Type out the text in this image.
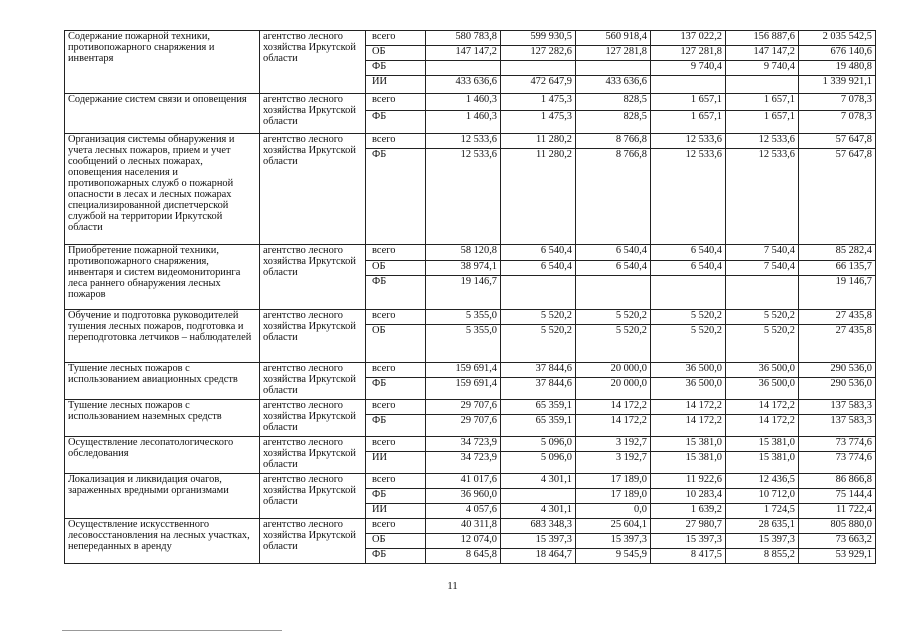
Содержание пожарной техники, противопожарного снаряжения и инвентаря	агентство лесного хозяйства Иркутской области	всего	580 783,8	599 930,5	560 918,4	137 022,2	156 887,6	2 035 542,5
		ОБ	147 147,2	127 282,6	127 281,8	127 281,8	147 147,2	676 140,6
		ФБ				9 740,4	9 740,4	19 480,8
		ИИ	433 636,6	472 647,9	433 636,6			1 339 921,1
Содержание систем связи и оповещения	агентство лесного хозяйства Иркутской области	всего	1 460,3	1 475,3	828,5	1 657,1	1 657,1	7 078,3
		ФБ	1 460,3	1 475,3	828,5	1 657,1	1 657,1	7 078,3
Организация системы обнаружения и учета лесных пожаров, прием и учет сообщений о лесных пожарах, оповещения населения и противопожарных служб о пожарной опасности в лесах и лесных пожарах специализированной диспетчерской службой на территории Иркутской области	агентство лесного хозяйства Иркутской области	всего	12 533,6	11 280,2	8 766,8	12 533,6	12 533,6	57 647,8
		ФБ	12 533,6	11 280,2	8 766,8	12 533,6	12 533,6	57 647,8
Приобретение пожарной техники, противопожарного снаряжения, инвентаря и систем видеомониторинга леса раннего обнаружения лесных пожаров	агентство лесного хозяйства Иркутской области	всего	58 120,8	6 540,4	6 540,4	6 540,4	7 540,4	85 282,4
		ОБ	38 974,1	6 540,4	6 540,4	6 540,4	7 540,4	66 135,7
		ФБ	19 146,7					19 146,7
Обучение и подготовка руководителей тушения лесных пожаров, подготовка и переподготовка летчиков – наблюдателей	агентство лесного хозяйства Иркутской области	всего	5 355,0	5 520,2	5 520,2	5 520,2	5 520,2	27 435,8
		ОБ	5 355,0	5 520,2	5 520,2	5 520,2	5 520,2	27 435,8
Тушение лесных пожаров с использованием авиационных средств	агентство лесного хозяйства Иркутской области	всего	159 691,4	37 844,6	20 000,0	36 500,0	36 500,0	290 536,0
		ФБ	159 691,4	37 844,6	20 000,0	36 500,0	36 500,0	290 536,0
Тушение лесных пожаров с использованием наземных средств	агентство лесного хозяйства Иркутской области	всего	29 707,6	65 359,1	14 172,2	14 172,2	14 172,2	137 583,3
		ФБ	29 707,6	65 359,1	14 172,2	14 172,2	14 172,2	137 583,3
Осуществление лесопатологического обследования	агентство лесного хозяйства Иркутской области	всего	34 723,9	5 096,0	3 192,7	15 381,0	15 381,0	73 774,6
		ИИ	34 723,9	5 096,0	3 192,7	15 381,0	15 381,0	73 774,6
Локализация и ликвидация очагов, зараженных вредными организмами	агентство лесного хозяйства Иркутской области	всего	41 017,6	4 301,1	17 189,0	11 922,6	12 436,5	86 866,8
		ФБ	36 960,0		17 189,0	10 283,4	10 712,0	75 144,4
		ИИ	4 057,6	4 301,1	0,0	1 639,2	1 724,5	11 722,4
Осуществление искусственного лесовосстановления на лесных участках, непереданных в аренду	агентство лесного хозяйства Иркутской области	всего	40 311,8	683 348,3	25 604,1	27 980,7	28 635,1	805 880,0
		ОБ	12 074,0	15 397,3	15 397,3	15 397,3	15 397,3	73 663,2
		ФБ	8 645,8	18 464,7	9 545,9	8 417,5	8 855,2	53 929,1
11
